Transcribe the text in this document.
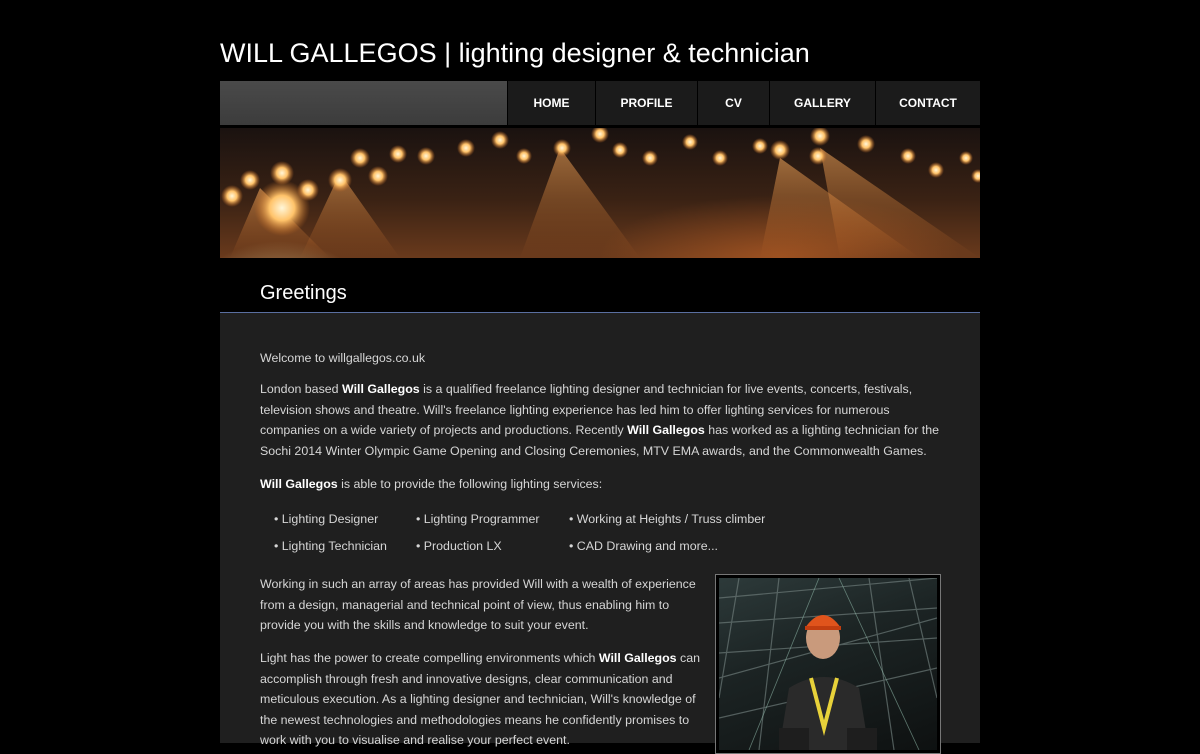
WILL GALLEGOS | lighting designer & technician
HOME	PROFILE	CV	GALLERY	CONTACT
Greetings
Welcome to willgallegos.co.uk
London based Will Gallegos is a qualified freelance lighting designer and technician for live events, concerts, festivals, television shows and theatre. Will's freelance lighting experience has led him to offer lighting services for numerous companies on a wide variety of projects and productions. Recently Will Gallegos has worked as a lighting technician for the Sochi 2014 Winter Olympic Game Opening and Closing Ceremonies, MTV EMA awards, and the Commonwealth Games.
Will Gallegos is able to provide the following lighting services:
• Lighting Designer	• Lighting Programmer • Working at Heights / Truss climber
• Lighting Technician • Production LX	• CAD Drawing and more...
Working in such an array of areas has provided Will with a wealth of experience from a design, managerial and technical point of view, thus enabling him to provide you with the skills and knowledge to suit your event.
Light has the power to create compelling environments which Will Gallegos can accomplish through fresh and innovative designs, clear communication and meticulous execution. As a lighting designer and technician, Will's knowledge of the newest technologies and methodologies means he confidently promises to work with you to visualise and realise your perfect event.
